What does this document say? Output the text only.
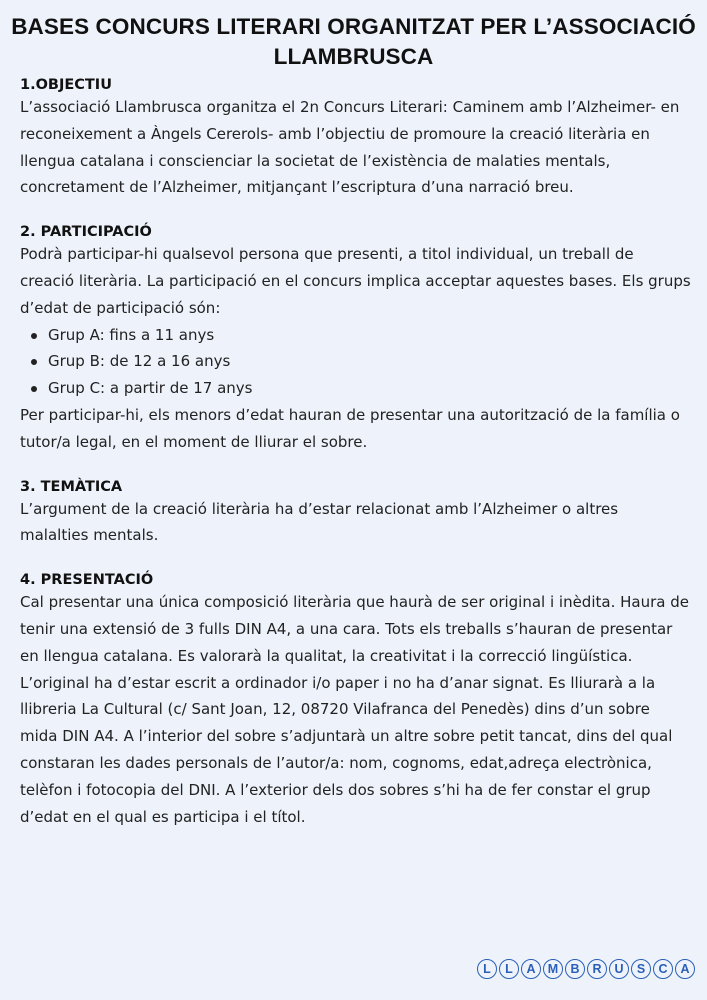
BASES CONCURS LITERARI ORGANITZAT PER L’ASSOCIACIÓ LLAMBRUSCA

1.OBJECTIU

L’associació Llambrusca organitza el 2n Concurs Literari: Caminem amb l’Alzheimer- en reconeixement a Àngels Cererols- amb l’objectiu de promoure la creació literària en llengua catalana i conscienciar la societat de l’existència de malaties mentals, concretament de l’Alzheimer, mitjançant l’escriptura d’una narració breu.

2. PARTICIPACIÓ

Podrà participar-hi qualsevol persona que presenti, a titol individual, un treball de creació literària. La participació en el concurs implica acceptar aquestes bases. Els grups d’edat de participació són:

Grup A: fins a 11 anys
Grup B: de 12 a 16 anys
Grup C: a partir de 17 anys

Per participar-hi, els menors d’edat hauran de presentar una autorització de la família o tutor/a legal, en el moment de lliurar el sobre.

3. TEMÀTICA

L’argument de la creació literària ha d’estar relacionat amb l’Alzheimer o altres malalties mentals.

4. PRESENTACIÓ

Cal presentar una única composició literària que haurà de ser original i inèdita. Haura de tenir una extensió de 3 fulls DIN A4, a una cara. Tots els treballs s’hauran de presentar en llengua catalana. Es valorarà la qualitat, la creativitat i la correcció lingüística. L’original ha d’estar escrit a ordinador i/o paper i no ha d’anar signat. Es lliurarà a la llibreria La Cultural (c/ Sant Joan, 12, 08720 Vilafranca del Penedès) dins d’un sobre mida DIN A4. A l’interior del sobre s’adjuntarà un altre sobre petit tancat, dins del qual constaran les dades personals de l’autor/a: nom, cognoms, edat,adreça electrònica, telèfon i fotocopia del DNI. A l’exterior dels dos sobres s’hi ha de fer constar el grup d’edat en el qual es participa i el títol.

L	L	A M B	R	U	S	C	A
